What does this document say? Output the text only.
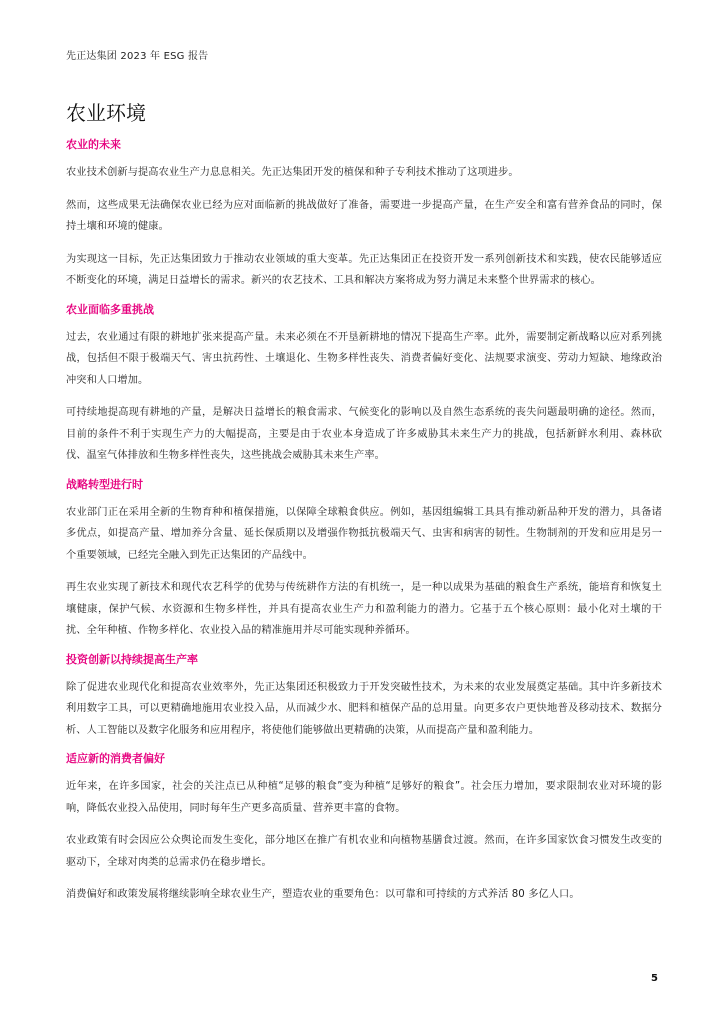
先正达集团 2023 年 ESG 报告
农业环境
农业的未来

农业技术创新与提高农业生产力息息相关。先正达集团开发的植保和种子专利技术推动了这项进步。

然而，这些成果无法确保农业已经为应对面临新的挑战做好了准备，需要进一步提高产量，在生产安全和富有营养食品的同时，保持土壤和环境的健康。

为实现这一目标，先正达集团致力于推动农业领域的重大变革。先正达集团正在投资开发一系列创新技术和实践，使农民能够适应不断变化的环境，满足日益增长的需求。新兴的农艺技术、工具和解决方案将成为努力满足未来整个世界需求的核心。

农业面临多重挑战

过去，农业通过有限的耕地扩张来提高产量。未来必须在不开垦新耕地的情况下提高生产率。此外，需要制定新战略以应对系列挑战，包括但不限于极端天气、害虫抗药性、土壤退化、生物多样性丧失、消费者偏好变化、法规要求演变、劳动力短缺、地缘政治冲突和人口增加。

可持续地提高现有耕地的产量，是解决日益增长的粮食需求、气候变化的影响以及自然生态系统的丧失问题最明确的途径。然而，目前的条件不利于实现生产力的大幅提高，主要是由于农业本身造成了许多威胁其未来生产力的挑战，包括新鲜水利用、森林砍伐、温室气体排放和生物多样性丧失，这些挑战会威胁其未来生产率。

战略转型进行时

农业部门正在采用全新的生物育种和植保措施，以保障全球粮食供应。例如，基因组编辑工具具有推动新品种开发的潜力，具备诸多优点，如提高产量、增加养分含量、延长保质期以及增强作物抵抗极端天气、虫害和病害的韧性。生物制剂的开发和应用是另一个重要领域，已经完全融入到先正达集团的产品线中。

再生农业实现了新技术和现代农艺科学的优势与传统耕作方法的有机统一，是一种以成果为基础的粮食生产系统，能培育和恢复土壤健康，保护气候、水资源和生物多样性，并具有提高农业生产力和盈利能力的潜力。它基于五个核心原则：最小化对土壤的干扰、全年种植、作物多样化、农业投入品的精准施用并尽可能实现种养循环。

投资创新以持续提高生产率

除了促进农业现代化和提高农业效率外，先正达集团还积极致力于开发突破性技术，为未来的农业发展奠定基础。其中许多新技术利用数字工具，可以更精确地施用农业投入品，从而减少水、肥料和植保产品的总用量。向更多农户更快地普及移动技术、数据分析、人工智能以及数字化服务和应用程序，将使他们能够做出更精确的决策，从而提高产量和盈利能力。

适应新的消费者偏好

近年来，在许多国家，社会的关注点已从种植“足够的粮食”变为种植“足够好的粮食”。社会压力增加，要求限制农业对环境的影响，降低农业投入品使用，同时每年生产更多高质量、营养更丰富的食物。

农业政策有时会因应公众舆论而发生变化，部分地区在推广有机农业和向植物基膳食过渡。然而，在许多国家饮食习惯发生改变的驱动下，全球对肉类的总需求仍在稳步增长。

消费偏好和政策发展将继续影响全球农业生产，塑造农业的重要角色：以可靠和可持续的方式养活 80 多亿人口。

5
